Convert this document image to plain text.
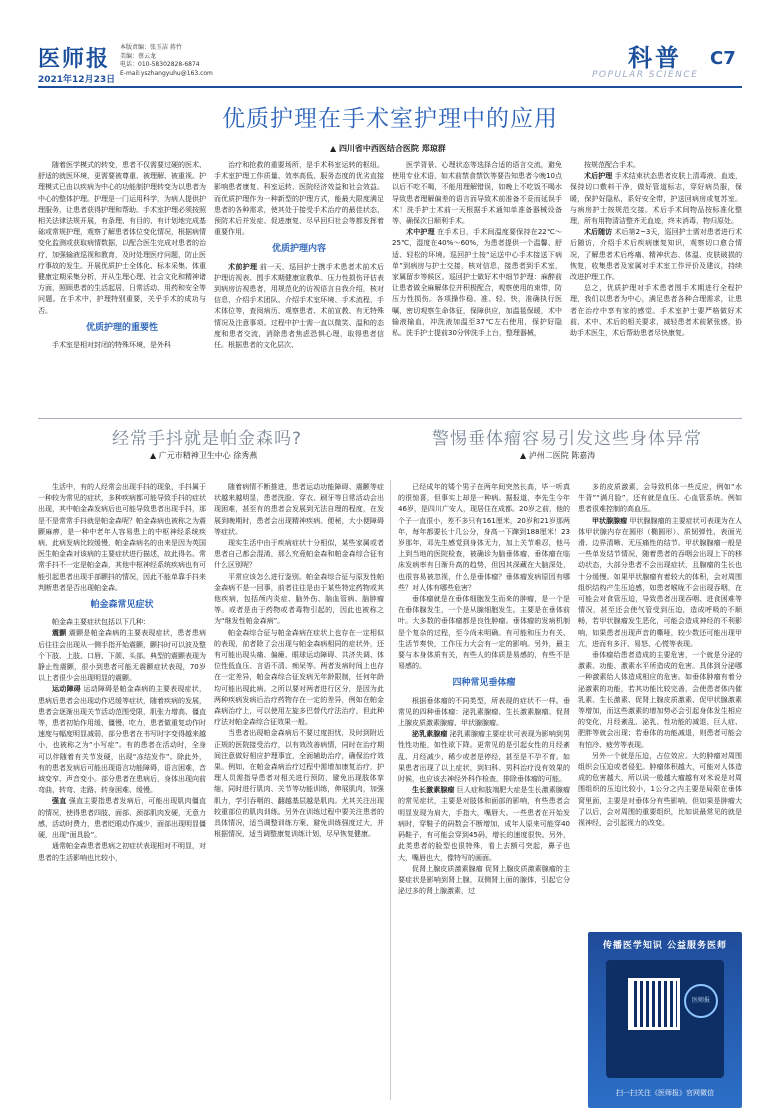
医师报
2021年12月23日
本版责编：张玉洁 蒋竹
美编：蔡云龙
电话：010-58302828-6874
E-mail:yszhangyuhu@163.com
科普
POPULAR SCIENCE
C7
优质护理在手术室护理中的应用
▲ 四川省中西医结合医院 郑琼群

随着医学模式的转变，患者不仅需要过硬的医术、舒适的就医环境，更需要被尊重、被理解、被重视。护理模式已由以疾病为中心的功能制护理转变为以患者为中心的整体护理。护理是一门运用科学，为病人提供护理服务，让患者获得护理和帮助。手术室护理必须按照相关法律法规开展，有条理、有目的、有计划地完成基础或常规护理，观察了解患者体位变化情况，根据病情变化监测或获取病情数据，以配合医生完成对患者的治疗，加强输液巡视和教育，及时处理医疗问题，防止医疗事故的发生。开展优质护士全体化、标本采集、体重健康定期采集分析，并从生理心理、社会文化和精神诸方面，照顾患者的生活起居，日常活动、用药和安全等问题。在手术中，护理特别重要，关乎手术的成功与否。

优质护理的重要性

手术室是相对封闭的特殊环境，是外科

治疗和抢救的重要场所，是手术科室运转的枢纽。手术室护理工作质量、效率高低、服务态度的优劣直接影响患者康复、科室运转、医院经济效益和社会效益。而优质护理作为一种新型的护理方式，能最大限度满足患者的各种需求，使其处于接受手术治疗的最佳状态，预防术后并发症、促进康复、尽早回归社会等都发挥着重要作用。

优质护理内容

术前护理 前一天，巡回护士携手术患者术前术后护理访视表、围手术期健康宣教单、压力性损伤评估表到病房访视患者，用规范化的访视语言自我介绍，核对信息，介绍手术团队、介绍手术室环境、手术流程、手术体位等，查阅病历、观察患者、术前宣教、有无特殊情况及注意事项。过程中护士需一直以微笑、温和的态度和患者交流，消除患者焦虑恐惧心理，取得患者信任。根据患者的文化层次、

医学背景、心理状态等选择合适的语言交流，避免使用专业术语，如术前禁食禁饮等要告知患者今晚10点以后不吃不喝，不能用理解错误，如晚上不吃饭不喝水导致患者理解偏差的语言而导致术前准备不妥而延误手术！洗手护士术前一天根据手术通知单准备器械设备等，确保次日顺利手术。

术中护理 在手术日，手术间温度要保持在22℃～25℃，湿度在40%～60%，为患者提供一个温馨、舒适、轻松的环境。巡回护士按“运送中心手术接送下病单”到病房与护士交接，核对信息，接患者到手术室，家属留步等候区。巡回护士做好术中细节护理：麻醉前让患者做全麻解体位并积极配合，观察使用的束带，防压力性损伤。各项操作稳、准、轻、快，准确执行医嘱，密切观察生命体征，保障供应，加温毯保暖，术中输液输血，冲洗液加温至37℃左右使用，保护好隐私。洗手护士提前30分钟洗手上台，整理器械，

按规范配合手术。

术后护理 手术结束状态患者皮肤上清毒液、血迹，保持切口敷料干净，做好管道标志，穿好病员服，保暖，保护好隐私，系好安全带，护送回病房或复苏室。与病房护士按规范交接。术后手术间物品按标准化整理，所有用物清洁整齐无血迹，终末消毒，物归原处。

术后随访 术后第2~3天，巡回护士需对患者进行术后随访，介绍手术后疾病康复知识，观察切口愈合情况，了解患者术后疼痛、精神状态、体温、皮肤破损的恢复，收集患者及家属对手术室工作评价及建议，持续改进护理工作。

总之，优质护理对手术患者围手术期进行全程护理，我们以患者为中心，满足患者各种合理需求，让患者在治疗中享有家的感觉。手术室护士要严格做好术前、术中、术后的相关要求，减轻患者术前紧张感，协助手术医生，术后帮助患者尽快康复。

经常手抖就是帕金森吗?
▲ 广元市精神卫生中心 徐秀燕

生活中，有的人经常会出现手抖的现象，手抖属于一种较为常见的症状，多种疾病都可能导致手抖的症状出现，其中帕金森发病后也可能导致患者出现手抖，那是不是常常手抖就是帕金森呢？帕金森病也被称之为震颤麻痹，是一种中老年人容易患上的中枢神经系统疾病，此病发病比较缓慢，帕金森病名的由来是因为英国医生帕金森对该病的主要症状进行描述，故此得名。常常手抖不一定是帕金森，其他中枢神经系统疾病也有可能引起患者出现手部颤抖的情况，因此不能单靠手抖来判断患者是否出现帕金森。

帕金森常见症状

帕金森主要症状包括以下几种：

震颤 震颤是帕金森病的主要表现症状，患者患病后往往会出现从一侧手指开始震颤，颤抖时可以波及整个下肢、上肢、口唇、下颌、头部。典型的震颤表现为静止性震颤，很小到患者可能无震颤症状表现，70岁以上者很少会出现明显的震颤。

运动障碍 运动障碍是帕金森病的主要表现症状，患病后患者会出现动作迟缓等症状，随着疾病的发展，患者会逐渐出现关节活动范围受限，肌张力增高、僵直等，患者初始作用缓、僵慢、吃力，患者做重复动作时速度与幅度明显减弱，部分患者在书写时字变得越来越小，也被称之为“小写症”。有的患者在活动时，全身可以伴随着有关节发硬，出现“冻结发作”。除此外，有的患者发病后可能出现语言功能障碍，语言困难，音域变窄、声音变小。部分患者在患病后，身体出现向前弯曲，转弯、走路、转身困难、缓慢。

强直 强直主要指患者发病后，可能出现肌肉僵直的情况，使得患者四肢、面部、颈部肌肉发硬，无意力感，活动时费力，患者眨眼动作减少，面部出现明显僵硬，出现“面具脸”。

通常帕金森患者患病之初症状表现相对不明显，对患者的生活影响也比较小，

随着病情不断推进，患者运动功能障碍、震颤等症状越来越明显，患者洗脸、穿衣、刷牙等日常活动会出现困难，甚至有的患者会发展到无法自理的程度，在发展到晚期时，患者会出现精神疾病、便秘，大小便障碍等症状。

现实生活中由于疾病症状十分相似，某些家属或者患者自己都会混淆，那么究竟帕金森和帕金森综合征有什么区别呢？

平常应该怎么进行鉴别。帕金森综合征与原发性帕金森病不是一回事，前者往往是由于某些特定药物或其他疾病，包括颅内炎症、脑外伤、脑血管病、脑肿瘤等。或者是由于药物或者毒物引起的，因此也被称之为“继发性帕金森病”。

帕金森综合征与帕金森病在症状上也存在一定相似的表现，前者除了会出现与帕金森病相同的症状外，还有可能出现头痛、偏瘫、眼球运动障碍、共济失调、体位性低血压、言语不清、痴呆等。两者发病时间上也存在一定差异，帕金森综合征发病无年龄限制，任何年龄均可能出现此病。之所以要对两者进行区分，是因为此两种疾病发病后治疗药物存在一定的差异，例如在帕金森病治疗上，可以使用左旋多巴替代疗法治疗，但此种疗法对帕金森综合征效果一般。

当患者出现帕金森病后不要过度担忧，及时到附近正规的医院接受治疗，以有效改善病情，同时在治疗期间注意做好相应护理事宜，全面辅助治疗，确保治疗效果。例如，在帕金森病治疗过程中需增加康复治疗，护理人员需指导患者对相关进行预防，避免出现肢体挛缩，同时进行肌肉、关节等功能训练，伸展肌肉，加强肌力，学引吞咽的、翻越基层越是肌肉。尤其关注出现较重部位的肌肉训练。另外在训练过程中要关注患者的具体情况，适当调整训练方案，避免训练强度过大，并根据情况，适当调整康复训练计划，尽早恢复健康。

警惕垂体瘤容易引发这些身体异常
▲ 泸州二医院 陈嘉涛

已经成年的矮个男子在两年间突然长高，毕一听真的很惊喜，但事实上却是一种病。据报道，李先生今年46岁，是四川广安人，现居住在成都。20岁之前，他的个子一直很小，差不多只有161厘米，20岁和21岁那两年，每年都要长十几公分，身高一下蹿到188厘米！23岁那年，邓先生感觉到身体无力，加上关节难忍，他马上到当地的医院检查，被确诊为脑垂体瘤，垂体瘤在临床发病率有日渐升高的趋势，但因其深藏在大脑深处，也很容易被忽视，什么是垂体瘤？垂体瘤发病原因有哪些？对人体有哪些危害？

垂体瘤就是在垂体细胞发生而来的肿瘤，是一个是在垂体腺发生，一个是从腺细胞发生。主要是在垂体前叶。大多数的垂体瘤都是良性肿瘤。垂体瘤的发病机制是个复杂的过程，至今尚未明确。有可能和压力有关、生活节奏快，工作压力大会有一定的影响。另外，最主要与本身体质有关，有些人的体质是易感的，有些不是易感的。

四种常见垂体瘤

根据垂体瘤的不同类型，所表现的症状不一样。垂常见的四种垂体瘤：泌乳素腺瘤、生长激素腺瘤、促肾上腺皮质激素腺瘤、甲状腺腺瘤。

泌乳素腺瘤 泌乳素腺瘤主要症状可表现为影响到男性性功能，如性欲下降。更常见的是引起女性的月经紊乱、月经减少、稀少或者是停经，甚至是不孕不育。如果患者出现了以上症状，到妇科、男科治疗没有效果的时候，也应该去神经外科作检查，排除垂体瘤的可能。

生长激素腺瘤 巨人症和肢端肥大症是生长激素腺瘤的常见症状，主要是对肢体和面部的影响，有些患者会明显发现为肩大，手指大，嘴唇大。一些患者在开始发病时，穿鞋子的码数会不断增加，成年人原来可能穿40码鞋子，有可能会穿到45码，增长的速度很快。另外，此类患者的脸型也很特殊，看上去额弓突起，鼻子也大，嘴唇也大，像特写的画面。

促肾上腺皮质激素腺瘤 促肾上腺皮质激素腺瘤的主要症状是影响到肾上腺，双侧肾上面的腺体，引起它分泌过多的肾上腺激素，过

多的皮质激素，会导致机体一些反应，例如“水牛背”“满月脸”，还有就是血压、心血管系统。例如患者很难控制的高血压。

甲状腺腺瘤 甲状腺腺瘤的主要症状可表现为在人体甲状腺内存在圆形（椭圆形）、质韧弹性、表面光滑、边界清晰、无压痛性的结节。甲状腺腺瘤一般是一些单发结节情况，随着患者的吞咽会出现上下的移动状态，大部分患者不会出现症状，且腺瘤的生长也十分缓慢。如果甲状腺瘤有着较大的体积，会对周围组织结构产生压迫感，如患者喉咙不会出现吞咽，在可能会对食管压迫，导致患者出现吞咽、进食困难等情况，甚至还会使气管受到压迫，造成呼吸的不顺畅，若甲状腺瘤发生恶化，可能会造成神经的不利影响，如果患者出现声音的嘶哑，较少数还可能出现甲亢，进而有多汗、易怒、心慌等表现。

垂体瘤给患者造成的主要危害，一个就是分泌的激素、功能、激素水平所造成的危害。具体到分泌哪一种激素给人体造成相应的危害。如垂体肿瘤有着分泌激素的功能，若其功能比较完善，会使患者体内催乳素、生长激素、促肾上腺皮质激素、促甲状腺激素等增加，而这些激素的增加势必会引起身体发生相应的变化，月经紊乱、泌乳、性功能的减退、巨人症、肥胖等就会出现；若垂体的功能减退，则患者可能会有怕冷、疲劳等表现。

另外一个就是压迫，占位效应。大的肿瘤对周围组织会压迫或者侵犯。肿瘤体积越大，可能对人体造成的危害越大，所以说一般越大瘤越有对米说是对周围组织的压迫比较小，1公分之内主要是局限在垂体窝里面，主要是对垂体分有些影响，但如果是肿瘤大了以后，会对周围的重要组织，比如说最常见的就是视神经，会引起视力的改变。

传播医学知识 公益服务医师
医师报
扫一扫关注《医师报》官网微信
